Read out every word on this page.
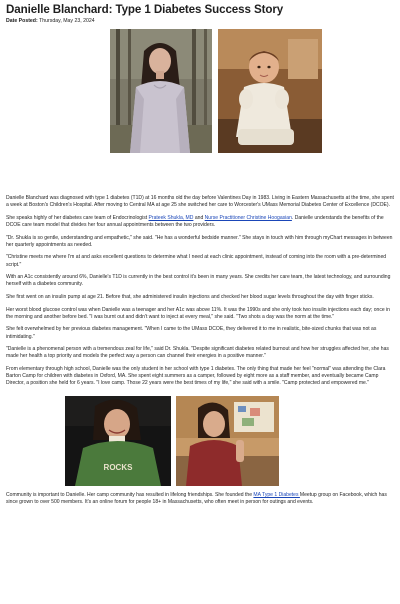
Danielle Blanchard: Type 1 Diabetes Success Story
Date Posted: Thursday, May 23, 2024

Danielle Blanchard was diagnosed with type 1 diabetes (T1D) at 16 months old the day before Valentines Day in 1983. Living in Eastern Massachusetts at the time, she spent a week at Boston's Children's Hospital. After moving to Central MA at age 25 she switched her care to Worcester's UMass Memorial Diabetes Center of Excellence (DCOE).

She speaks highly of her diabetes care team of Endocrinologist Prateek Shukla, MD and Nurse Practitioner Christine Hoogasian. Danielle understands the benefits of the DCOE care team model that divides her four annual appointments between the two providers.

"Dr. Shukla is so gentle, understanding and empathetic," she said. "He has a wonderful bedside manner." She stays in touch with him through myChart messages in between her quarterly appointments as needed.

"Christine meets me where I'm at and asks excellent questions to determine what I need at each clinic appointment, instead of coming into the room with a pre-determined script."

With an A1c consistently around 6%, Danielle's T1D is currently in the best control it's been in many years. She credits her care team, the latest technology, and surrounding herself with a diabetes community.

She first went on an insulin pump at age 21. Before that, she administered insulin injections and checked her blood sugar levels throughout the day with finger sticks.

Her worst blood glucose control was when Danielle was a teenager and her A1c was above 11%. It was the 1990s and she only took two insulin injections each day; once in the morning and another before bed. "I was burnt out and didn't want to inject at every meal," she said. "Two shots a day was the norm at the time."

She felt overwhelmed by her previous diabetes management. "When I came to the UMass DCOE, they delivered it to me in realistic, bite-sized chunks that was not as intimidating."

"Danielle is a phenomenal person with a tremendous zeal for life," said Dr. Shukla. "Despite significant diabetes related burnout and how her struggles affected her, she has made her health a top priority and models the perfect way a person can channel their energies in a positive manner."

From elementary through high school, Danielle was the only student in her school with type 1 diabetes. The only thing that made her feel "normal" was attending the Clara Barton Camp for children with diabetes in Oxford, MA. She spent eight summers as a camper, followed by eight more as a staff member, and eventually became Camp Director, a position she held for 6 years. "I love camp. Those 22 years were the best times of my life," she said with a smile. "Camp protected and empowered me."

ROCKS

Community is important to Danielle. Her camp community has resulted in lifelong friendships. She founded the MA Type 1 Diabetes Meetup group on Facebook, which has since grown to over 500 members. It's an online forum for people 18+ in Massachusetts, who often meet in person for outings and events.
